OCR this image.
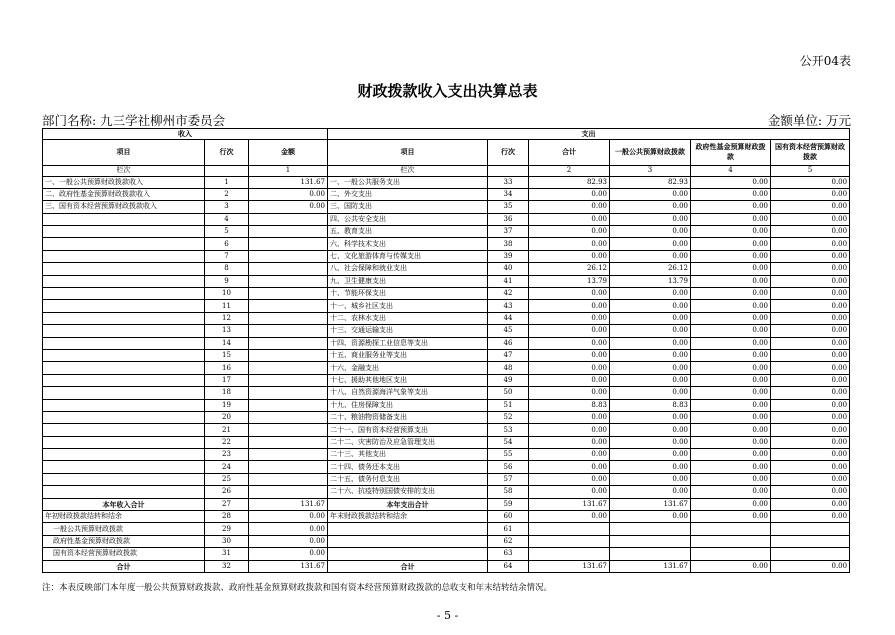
公开04表
财政拨款收入支出决算总表
部门名称: 九三学社柳州市委员会	金额单位: 万元
收入			支出					
项目	行次	金额	项目	行次	合计	一般公共预算财政拨款	政府性基金预算财政拨款	国有资本经营预算财政拨款
栏次		1	栏次		2	3	4	5
一、一般公共预算财政拨款收入	1	131.67	一、一般公共服务支出	33	82.93	82.93	0.00	0.00
二、政府性基金预算财政拨款收入	2	0.00	二、外交支出	34	0.00	0.00	0.00	0.00
三、国有资本经营预算财政拨款收入	3	0.00	三、国防支出	35	0.00	0.00	0.00	0.00
	4		四、公共安全支出	36	0.00	0.00	0.00	0.00
	5		五、教育支出	37	0.00	0.00	0.00	0.00
	6		六、科学技术支出	38	0.00	0.00	0.00	0.00
	7		七、文化旅游体育与传媒支出	39	0.00	0.00	0.00	0.00
	8		八、社会保障和就业支出	40	26.12	26.12	0.00	0.00
	9		九、卫生健康支出	41	13.79	13.79	0.00	0.00
	10		十、节能环保支出	42	0.00	0.00	0.00	0.00
	11		十一、城乡社区支出	43	0.00	0.00	0.00	0.00
	12		十二、农林水支出	44	0.00	0.00	0.00	0.00
	13		十三、交通运输支出	45	0.00	0.00	0.00	0.00
	14		十四、资源勘探工业信息等支出	46	0.00	0.00	0.00	0.00
	15		十五、商业服务业等支出	47	0.00	0.00	0.00	0.00
	16		十六、金融支出	48	0.00	0.00	0.00	0.00
	17		十七、援助其他地区支出	49	0.00	0.00	0.00	0.00
	18		十八、自然资源海洋气象等支出	50	0.00	0.00	0.00	0.00
	19		十九、住房保障支出	51	8.83	8.83	0.00	0.00
	20		二十、粮油物资储备支出	52	0.00	0.00	0.00	0.00
	21		二十一、国有资本经营预算支出	53	0.00	0.00	0.00	0.00
	22		二十二、灾害防治及应急管理支出	54	0.00	0.00	0.00	0.00
	23		二十三、其他支出	55	0.00	0.00	0.00	0.00
	24		二十四、债务还本支出	56	0.00	0.00	0.00	0.00
	25		二十五、债务付息支出	57	0.00	0.00	0.00	0.00
	26		二十六、抗疫特别国债安排的支出	58	0.00	0.00	0.00	0.00
本年收入合计	27	131.67	本年支出合计	59	131.67	131.67	0.00	0.00
年初财政拨款结转和结余	28	0.00	年末财政拨款结转和结余	60	0.00	0.00	0.00	0.00
一般公共预算财政拨款	29	0.00		61				
政府性基金预算财政拨款	30	0.00		62				
国有资本经营预算财政拨款	31	0.00		63				
合计	32	131.67	合计	64	131.67	131.67	0.00	0.00
注：本表反映部门本年度一般公共预算财政拨款、政府性基金预算财政拨款和国有资本经营预算财政拨款的总收支和年末结转结余情况。
- 5 -
